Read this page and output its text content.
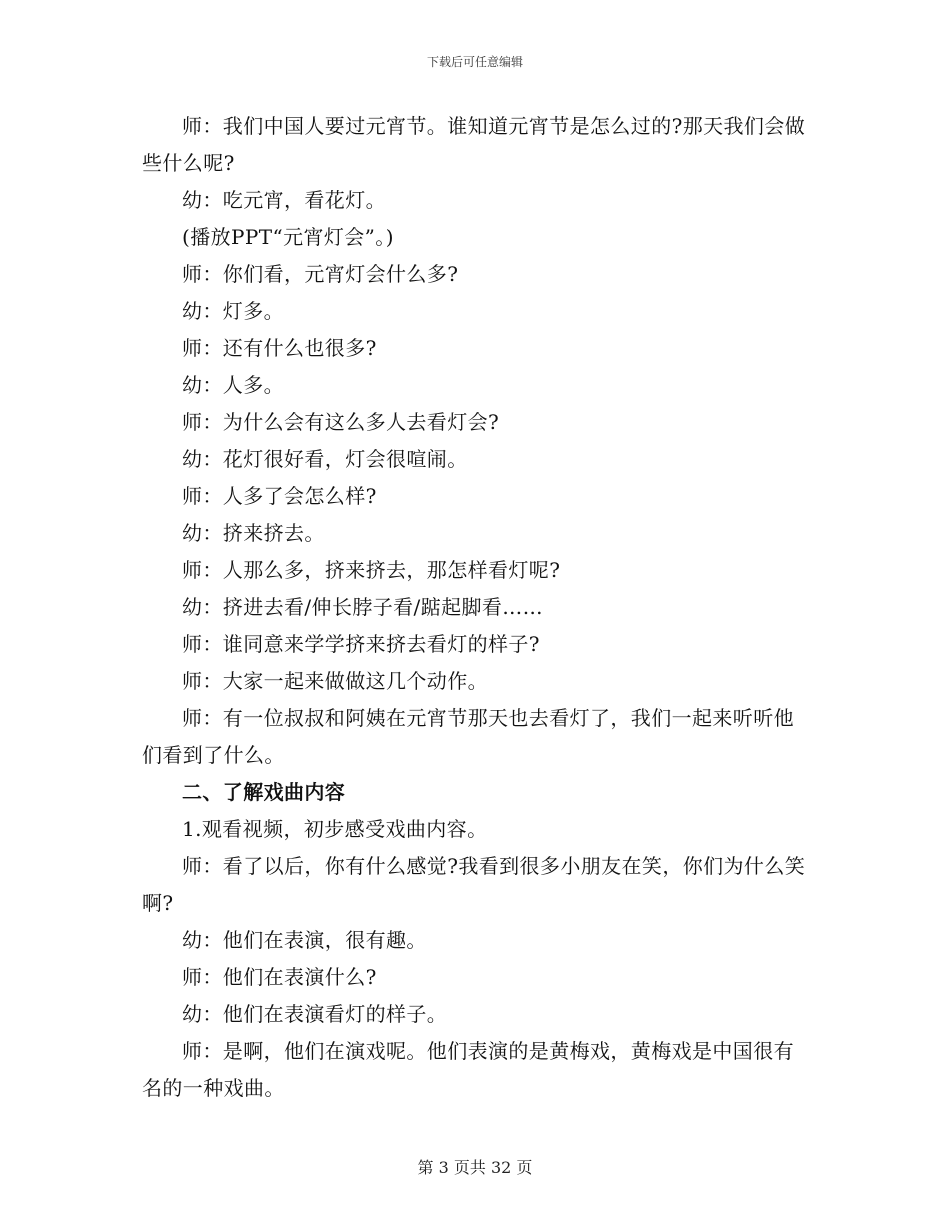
下载后可任意编辑

师：我们中国人要过元宵节。谁知道元宵节是怎么过的?那天我们会做些什么呢?

幼：吃元宵，看花灯。

(播放PPT“元宵灯会”。)

师：你们看，元宵灯会什么多?

幼：灯多。

师：还有什么也很多?

幼：人多。

师：为什么会有这么多人去看灯会?

幼：花灯很好看，灯会很喧闹。

师：人多了会怎么样?

幼：挤来挤去。

师：人那么多，挤来挤去，那怎样看灯呢?

幼：挤进去看/伸长脖子看/踮起脚看……

师：谁同意来学学挤来挤去看灯的样子?

师：大家一起来做做这几个动作。

师：有一位叔叔和阿姨在元宵节那天也去看灯了，我们一起来听听他们看到了什么。

二、了解戏曲内容

1.观看视频，初步感受戏曲内容。

师：看了以后，你有什么感觉?我看到很多小朋友在笑，你们为什么笑啊?

幼：他们在表演，很有趣。

师：他们在表演什么?

幼：他们在表演看灯的样子。

师：是啊，他们在演戏呢。他们表演的是黄梅戏，黄梅戏是中国很有名的一种戏曲。

第 3 页共 32 页
